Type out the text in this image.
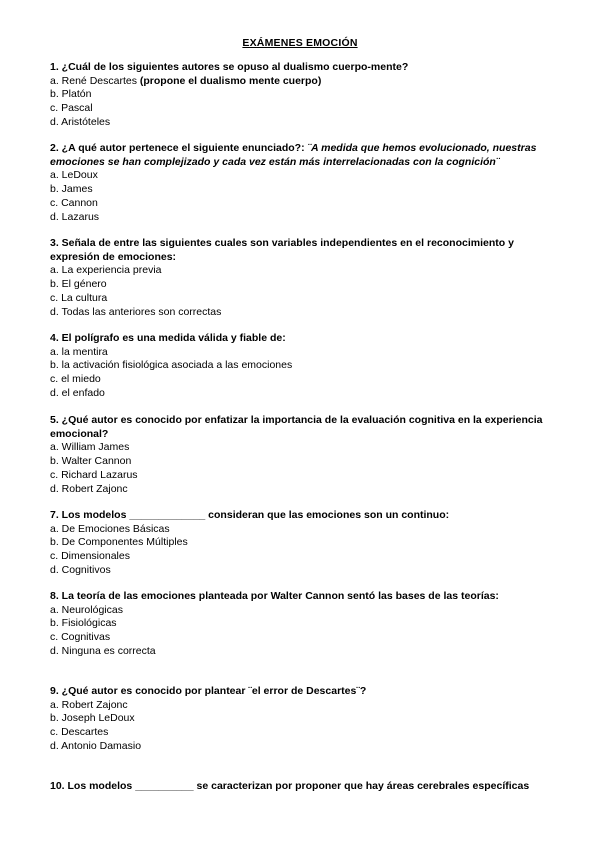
EXÁMENES EMOCIÓN

1. ¿Cuál de los siguientes autores se opuso al dualismo cuerpo-mente?

a. René Descartes (propone el dualismo mente cuerpo)

b. Platón

c. Pascal

d. Aristóteles

2. ¿A qué autor pertenece el siguiente enunciado?: ¨A medida que hemos evolucionado, nuestras emociones se han complejizado y cada vez están más interrelacionadas con la cognición¨

a. LeDoux

b. James

c. Cannon

d. Lazarus

3. Señala de entre las siguientes cuales son variables independientes en el reconocimiento y expresión de emociones:

a. La experiencia previa

b. El género

c. La cultura

d. Todas las anteriores son correctas

4. El polígrafo es una medida válida y fiable de:

a. la mentira

b. la activación fisiológica asociada a las emociones

c. el miedo

d. el enfado

5. ¿Qué autor es conocido por enfatizar la importancia de la evaluación cognitiva en la experiencia emocional?

a. William James

b. Walter Cannon

c. Richard Lazarus

d. Robert Zajonc

7. Los modelos _____________ consideran que las emociones son un continuo:

a. De Emociones Básicas

b. De Componentes Múltiples

c. Dimensionales

d. Cognitivos

8. La teoría de las emociones planteada por Walter Cannon sentó las bases de las teorías:

a. Neurológicas

b. Fisiológicas

c. Cognitivas

d. Ninguna es correcta

9. ¿Qué autor es conocido por plantear ¨el error de Descartes¨?

a. Robert Zajonc

b. Joseph LeDoux

c. Descartes

d. Antonio Damasio

10. Los modelos __________ se caracterizan por proponer que hay áreas cerebrales específicas
